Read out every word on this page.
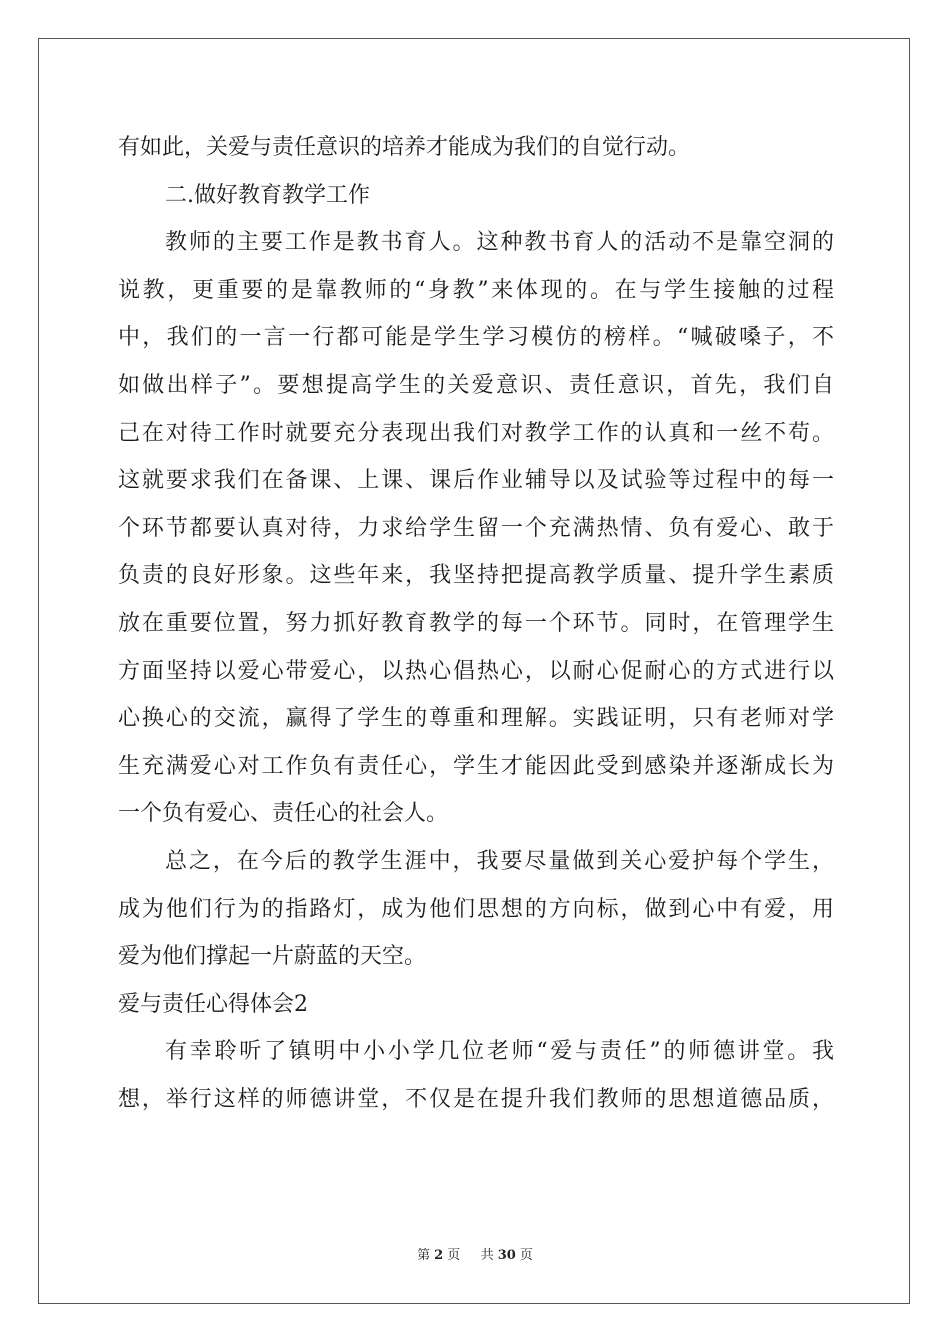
有如此，关爱与责任意识的培养才能成为我们的自觉行动。
二.做好教育教学工作
教师的主要工作是教书育人。这种教书育人的活动不是靠空洞的
说教，更重要的是靠教师的“身教”来体现的。在与学生接触的过程
中，我们的一言一行都可能是学生学习模仿的榜样。“喊破嗓子，不
如做出样子”。要想提高学生的关爱意识、责任意识，首先，我们自
己在对待工作时就要充分表现出我们对教学工作的认真和一丝不苟。
这就要求我们在备课、上课、课后作业辅导以及试验等过程中的每一
个环节都要认真对待，力求给学生留一个充满热情、负有爱心、敢于
负责的良好形象。这些年来，我坚持把提高教学质量、提升学生素质
放在重要位置，努力抓好教育教学的每一个环节。同时，在管理学生
方面坚持以爱心带爱心，以热心倡热心，以耐心促耐心的方式进行以
心换心的交流，赢得了学生的尊重和理解。实践证明，只有老师对学
生充满爱心对工作负有责任心，学生才能因此受到感染并逐渐成长为
一个负有爱心、责任心的社会人。
总之，在今后的教学生涯中，我要尽量做到关心爱护每个学生，
成为他们行为的指路灯，成为他们思想的方向标，做到心中有爱，用
爱为他们撑起一片蔚蓝的天空。
爱与责任心得体会2
有幸聆听了镇明中小小学几位老师“爱与责任”的师德讲堂。我
想，举行这样的师德讲堂，不仅是在提升我们教师的思想道德品质，
第 2 页 共 30 页
